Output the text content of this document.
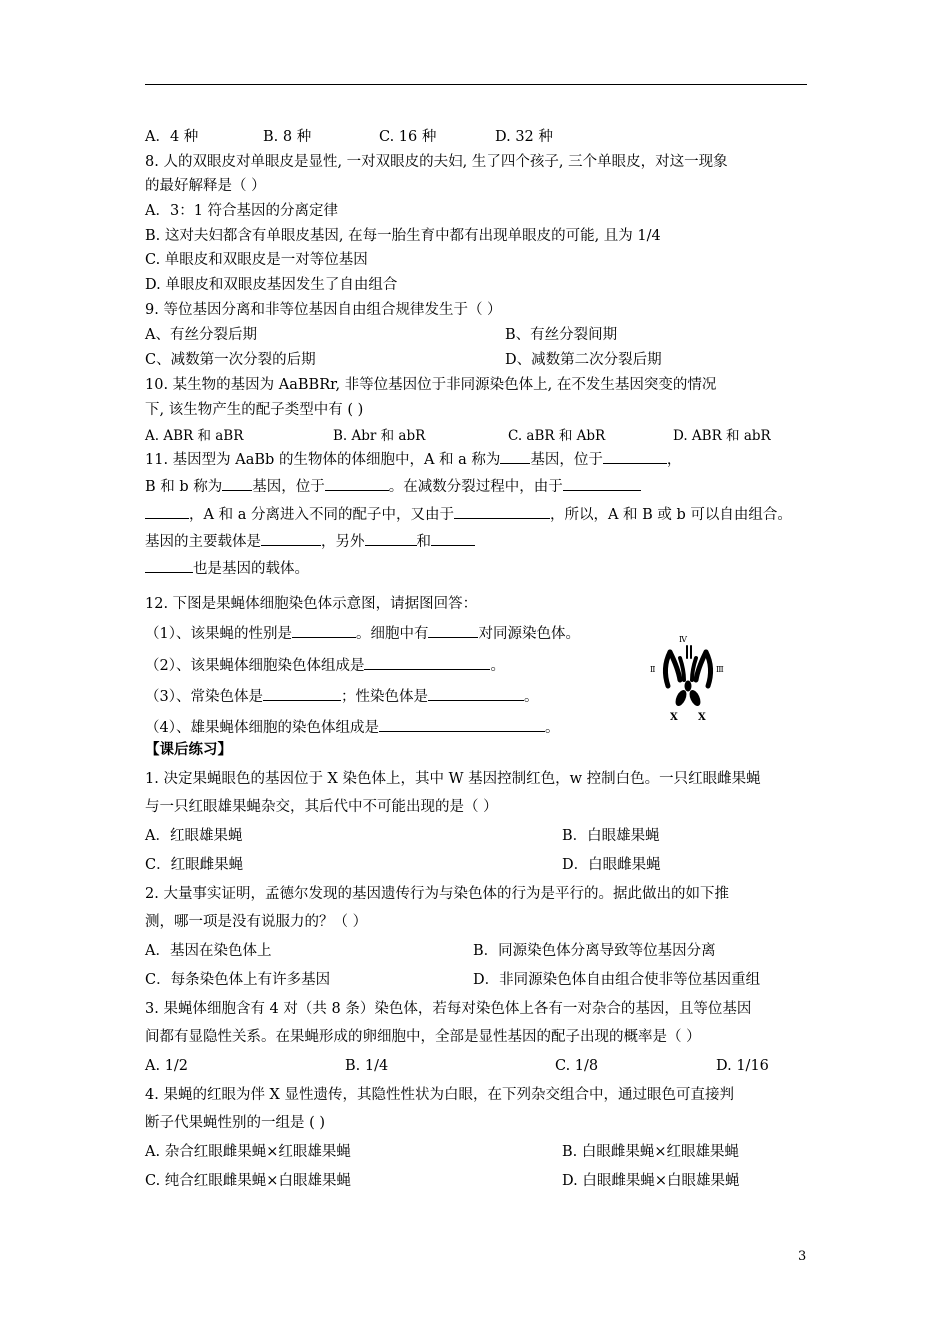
A．4 种	B. 8 种	C. 16 种	D. 32 种
8. 人的双眼皮对单眼皮是显性, 一对双眼皮的夫妇, 生了四个孩子, 三个单眼皮，对这一现象
的最好解释是（ ）
A．3：1 符合基因的分离定律
B. 这对夫妇都含有单眼皮基因, 在每一胎生育中都有出现单眼皮的可能, 且为 1/4
C. 单眼皮和双眼皮是一对等位基因
D. 单眼皮和双眼皮基因发生了自由组合
9. 等位基因分离和非等位基因自由组合规律发生于（ ）
A、有丝分裂后期	B、有丝分裂间期
C、减数第一次分裂的后期	D、减数第二次分裂后期
10. 某生物的基因为 AaBBRr, 非等位基因位于非同源染色体上, 在不发生基因突变的情况
下, 该生物产生的配子类型中有 ( )
A. ABR 和 aBR	B. Abr 和 abR	C. aBR 和 AbR	D. ABR 和 abR
11. 基因型为 AaBb 的生物体的体细胞中，A 和 a 称为 基因，位于	，
B 和 b 称为 基因，位于	。在减数分裂过程中，由于
，A 和 a 分离进入不同的配子中，又由于	，所以，A 和 B 或 b 可以自由组合。
基因的主要载体是	，另外	和
也是基因的载体。
12. 下图是果蝇体细胞染色体示意图，请据图回答：
（1）、该果蝇的性别是	。细胞中有	对同源染色体。
（2）、该果蝇体细胞染色体组成是	。
（3）、常染色体是	；性染色体是	。
（4）、雄果蝇体细胞的染色体组成是	。
Ⅳ
Ⅱ	Ⅲ
X X
【课后练习】
1. 决定果蝇眼色的基因位于 X 染色体上，其中 W 基因控制红色，w 控制白色。一只红眼雌果蝇
与一只红眼雄果蝇杂交，其后代中不可能出现的是（ ）
A．红眼雄果蝇	B．白眼雄果蝇
C．红眼雌果蝇	D．白眼雌果蝇
2. 大量事实证明，孟德尔发现的基因遗传行为与染色体的行为是平行的。据此做出的如下推
测，哪一项是没有说服力的？（ ）
A．基因在染色体上	B．同源染色体分离导致等位基因分离
C．每条染色体上有许多基因	D．非同源染色体自由组合使非等位基因重组
3. 果蝇体细胞含有 4 对（共 8 条）染色体，若每对染色体上各有一对杂合的基因，且等位基因
间都有显隐性关系。在果蝇形成的卵细胞中，全部是显性基因的配子出现的概率是（ ）
A. 1/2	B. 1/4	C. 1/8	D. 1/16
4. 果蝇的红眼为伴 X 显性遗传，其隐性性状为白眼，在下列杂交组合中，通过眼色可直接判
断子代果蝇性别的一组是 ( )
A. 杂合红眼雌果蝇×红眼雄果蝇	B. 白眼雌果蝇×红眼雄果蝇
C. 纯合红眼雌果蝇×白眼雄果蝇	D. 白眼雌果蝇×白眼雄果蝇
3
